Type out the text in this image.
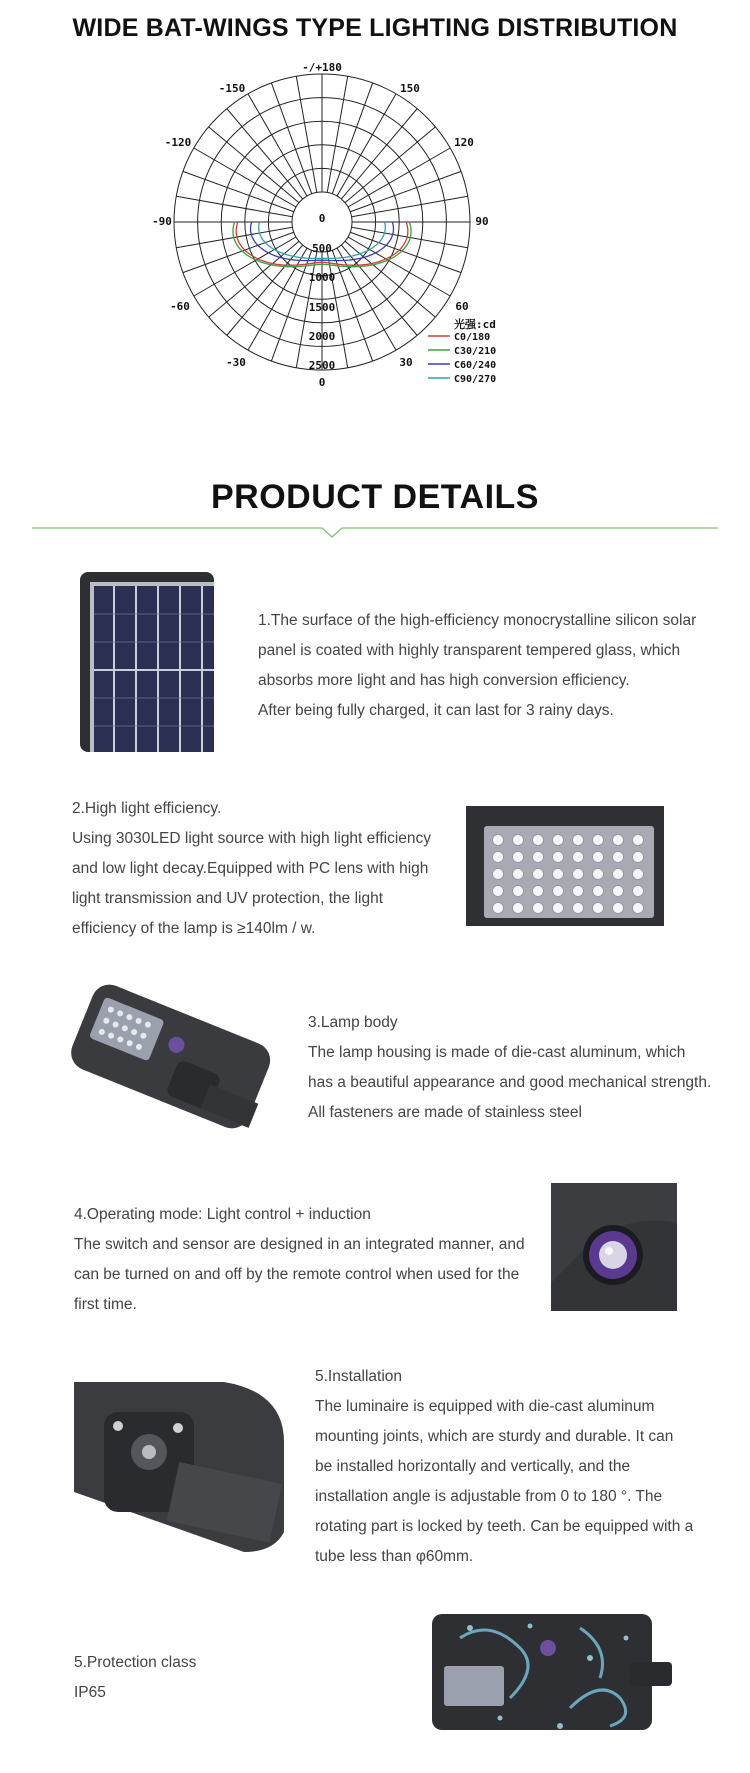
WIDE BAT-WINGS TYPE LIGHTING DISTRIBUTION
-/+180
-150	150
-120	120
-90	90
-60	60
-30	30
0
0
500
1000
1500
2000
2500
光强:cd
C0/180
C30/210
C60/240
C90/270
PRODUCT DETAILS

1.The surface of the high-efficiency monocrystalline silicon solar

panel is coated with highly transparent tempered glass, which

absorbs more light and has high conversion efficiency.

After being fully charged, it can last for 3 rainy days.

2.High light efficiency.

Using 3030LED light source with high light efficiency

and low light decay.Equipped with PC lens with high

light transmission and UV protection, the light

efficiency of the lamp is ≥140lm / w.

3.Lamp body

The lamp housing is made of die-cast aluminum, which

has a beautiful appearance and good mechanical strength.

All fasteners are made of stainless steel

4.Operating mode: Light control + induction

The switch and sensor are designed in an integrated manner, and

can be turned on and off by the remote control when used for the

first time.

5.Installation

The luminaire is equipped with die-cast aluminum

mounting joints, which are sturdy and durable. It can

be installed horizontally and vertically, and the

installation angle is adjustable from 0 to 180 °. The

rotating part is locked by teeth. Can be equipped with a

tube less than φ60mm.

5.Protection class

IP65
